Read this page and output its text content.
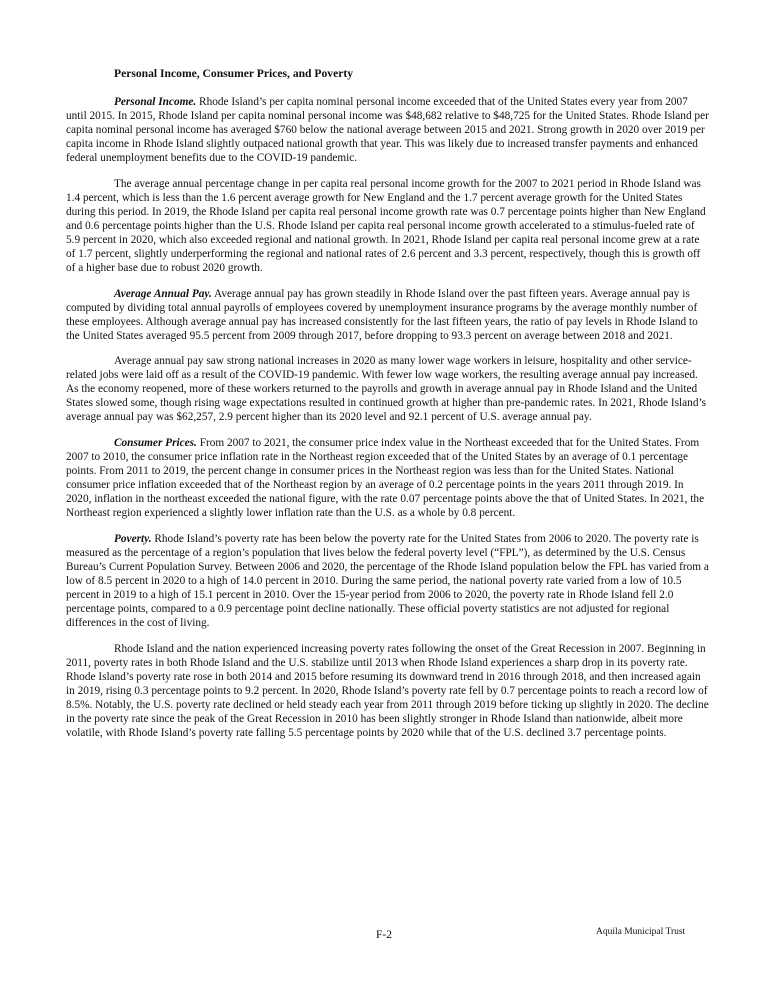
Personal Income, Consumer Prices, and Poverty

Personal Income. Rhode Island’s per capita nominal personal income exceeded that of the United States every year from 2007 until 2015. In 2015, Rhode Island per capita nominal personal income was $48,682 relative to $48,725 for the United States. Rhode Island per capita nominal personal income has averaged $760 below the national average between 2015 and 2021. Strong growth in 2020 over 2019 per capita income in Rhode Island slightly outpaced national growth that year. This was likely due to increased transfer payments and enhanced federal unemployment benefits due to the COVID-19 pandemic.

The average annual percentage change in per capita real personal income growth for the 2007 to 2021 period in Rhode Island was 1.4 percent, which is less than the 1.6 percent average growth for New England and the 1.7 percent average growth for the United States during this period. In 2019, the Rhode Island per capita real personal income growth rate was 0.7 percentage points higher than New England and 0.6 percentage points higher than the U.S. Rhode Island per capita real personal income growth accelerated to a stimulus-fueled rate of 5.9 percent in 2020, which also exceeded regional and national growth. In 2021, Rhode Island per capita real personal income grew at a rate of 1.7 percent, slightly underperforming the regional and national rates of 2.6 percent and 3.3 percent, respectively, though this is growth off of a higher base due to robust 2020 growth.

Average Annual Pay. Average annual pay has grown steadily in Rhode Island over the past fifteen years. Average annual pay is computed by dividing total annual payrolls of employees covered by unemployment insurance programs by the average monthly number of these employees. Although average annual pay has increased consistently for the last fifteen years, the ratio of pay levels in Rhode Island to the United States averaged 95.5 percent from 2009 through 2017, before dropping to 93.3 percent on average between 2018 and 2021.

Average annual pay saw strong national increases in 2020 as many lower wage workers in leisure, hospitality and other service-related jobs were laid off as a result of the COVID-19 pandemic. With fewer low wage workers, the resulting average annual pay increased. As the economy reopened, more of these workers returned to the payrolls and growth in average annual pay in Rhode Island and the United States slowed some, though rising wage expectations resulted in continued growth at higher than pre-pandemic rates. In 2021, Rhode Island’s average annual pay was $62,257, 2.9 percent higher than its 2020 level and 92.1 percent of U.S. average annual pay.

Consumer Prices. From 2007 to 2021, the consumer price index value in the Northeast exceeded that for the United States. From 2007 to 2010, the consumer price inflation rate in the Northeast region exceeded that of the United States by an average of 0.1 percentage points. From 2011 to 2019, the percent change in consumer prices in the Northeast region was less than for the United States. National consumer price inflation exceeded that of the Northeast region by an average of 0.2 percentage points in the years 2011 through 2019. In 2020, inflation in the northeast exceeded the national figure, with the rate 0.07 percentage points above the that of United States. In 2021, the Northeast region experienced a slightly lower inflation rate than the U.S. as a whole by 0.8 percent.

Poverty. Rhode Island’s poverty rate has been below the poverty rate for the United States from 2006 to 2020. The poverty rate is measured as the percentage of a region’s population that lives below the federal poverty level (“FPL”), as determined by the U.S. Census Bureau’s Current Population Survey. Between 2006 and 2020, the percentage of the Rhode Island population below the FPL has varied from a low of 8.5 percent in 2020 to a high of 14.0 percent in 2010. During the same period, the national poverty rate varied from a low of 10.5 percent in 2019 to a high of 15.1 percent in 2010. Over the 15-year period from 2006 to 2020, the poverty rate in Rhode Island fell 2.0 percentage points, compared to a 0.9 percentage point decline nationally. These official poverty statistics are not adjusted for regional differences in the cost of living.

Rhode Island and the nation experienced increasing poverty rates following the onset of the Great Recession in 2007. Beginning in 2011, poverty rates in both Rhode Island and the U.S. stabilize until 2013 when Rhode Island experiences a sharp drop in its poverty rate. Rhode Island’s poverty rate rose in both 2014 and 2015 before resuming its downward trend in 2016 through 2018, and then increased again in 2019, rising 0.3 percentage points to 9.2 percent. In 2020, Rhode Island’s poverty rate fell by 0.7 percentage points to reach a record low of 8.5%. Notably, the U.S. poverty rate declined or held steady each year from 2011 through 2019 before ticking up slightly in 2020. The decline in the poverty rate since the peak of the Great Recession in 2010 has been slightly stronger in Rhode Island than nationwide, albeit more volatile, with Rhode Island’s poverty rate falling 5.5 percentage points by 2020 while that of the U.S. declined 3.7 percentage points.

F-2	Aquila Municipal Trust
